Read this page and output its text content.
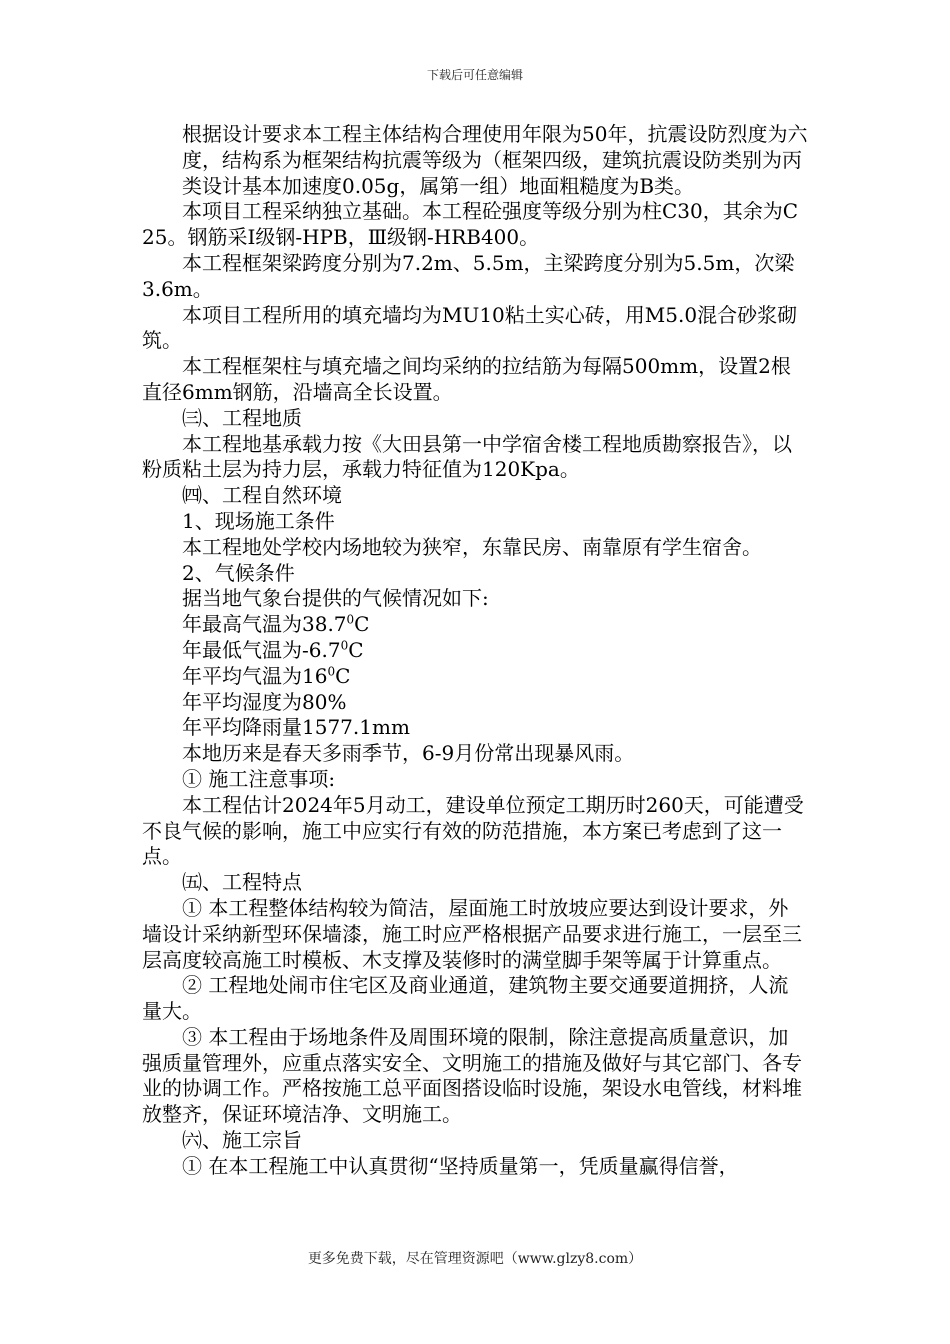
下载后可任意编辑
根据设计要求本工程主体结构合理使用年限为50年，抗震设防烈度为六度，结构系为框架结构抗震等级为（框架四级，建筑抗震设防类别为丙类设计基本加速度0.05g，属第一组）地面粗糙度为B类。
本项目工程采纳独立基础。本工程砼强度等级分别为柱C30，其余为C25。钢筋采Ⅰ级钢-HPB，Ⅲ级钢-HRB400。
本工程框架梁跨度分别为7.2m、5.5m，主梁跨度分别为5.5m，次梁3.6m。
本项目工程所用的填充墙均为MU10粘土实心砖，用M5.0混合砂浆砌筑。
本工程框架柱与填充墙之间均采纳的拉结筋为每隔500mm，设置2根直径6mm钢筋，沿墙高全长设置。
㈢、工程地质
本工程地基承载力按《大田县第一中学宿舍楼工程地质勘察报告》，以粉质粘土层为持力层，承载力特征值为120Kpa。
㈣、工程自然环境
1、现场施工条件
本工程地处学校内场地较为狭窄，东靠民房、南靠原有学生宿舍。
2、气候条件
据当地气象台提供的气候情况如下:
年最高气温为38.7$^0$C
年最低气温为$-6.7^0C$
年平均气温为$16^0C$
年平均湿度为80%
年平均降雨量1577.1mm
本地历来是春天多雨季节，6-9月份常出现暴风雨。
① 施工注意事项:
本工程估计2024年5月动工，建设单位预定工期历时260天，可能遭受不良气候的影响，施工中应实行有效的防范措施，本方案已考虑到了这一点。
㈤、工程特点
① 本工程整体结构较为简洁，屋面施工时放坡应要达到设计要求，外墙设计采纳新型环保墙漆，施工时应严格根据产品要求进行施工，一层至三层高度较高施工时模板、木支撑及装修时的满堂脚手架等属于计算重点。
② 工程地处闹市住宅区及商业通道，建筑物主要交通要道拥挤，人流量大。
③ 本工程由于场地条件及周围环境的限制，除注意提高质量意识，加强质量管理外，应重点落实安全、文明施工的措施及做好与其它部门、各专业的协调工作。严格按施工总平面图搭设临时设施，架设水电管线，材料堆放整齐，保证环境洁净、文明施工。
㈥、施工宗旨
① 在本工程施工中认真贯彻“坚持质量第一，凭质量赢得信誉，
更多免费下载，尽在管理资源吧（www.glzy8.com）
